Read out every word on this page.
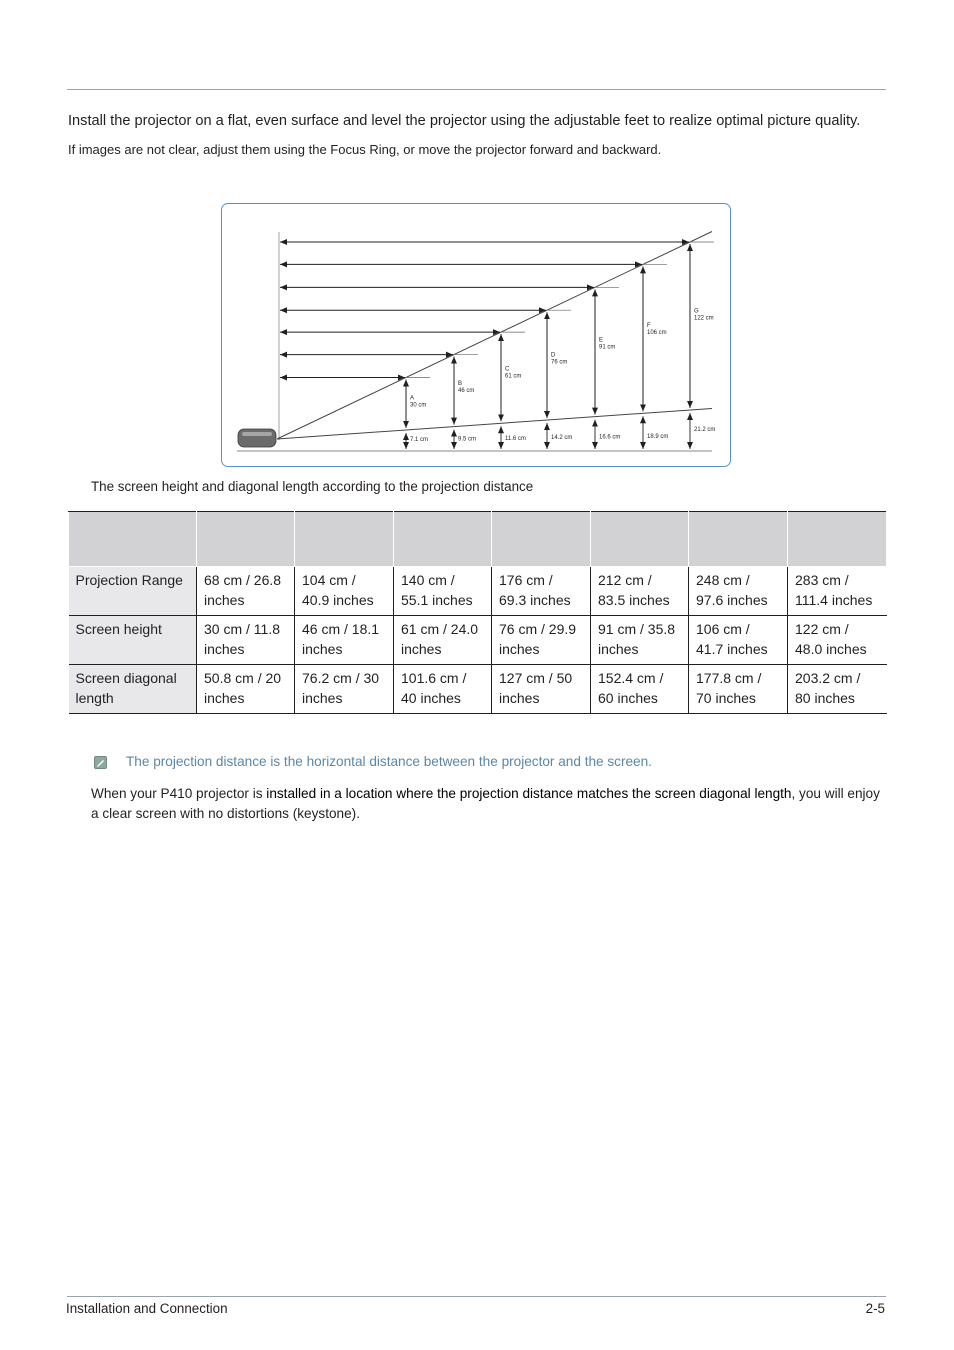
Install the projector on a flat, even surface and level the projector using the adjustable feet to realize optimal picture quality.
If images are not clear, adjust them using the Focus Ring, or move the projector forward and backward.
A
30 cm
7.1 cm
B
46 cm
9.5 cm
C
61 cm
11.6 cm
D
76 cm
14.2 cm
E
91 cm
16.6 cm
F
106 cm
18.9 cm
G
122 cm
21.2 cm
The screen height and diagonal length according to the projection distance

Projection Range	68 cm / 26.8 inches	104 cm / 40.9 inches	140 cm / 55.1 inches	176 cm / 69.3 inches	212 cm / 83.5 inches	248 cm / 97.6 inches	283 cm / 111.4 inches
Screen height	30 cm / 11.8 inches	46 cm / 18.1 inches	61 cm / 24.0 inches	76 cm / 29.9 inches	91 cm / 35.8 inches	106 cm / 41.7 inches	122 cm / 48.0 inches
Screen diagonal length	50.8 cm / 20 inches	76.2 cm / 30 inches	101.6 cm / 40 inches	127 cm / 50 inches	152.4 cm / 60 inches	177.8 cm / 70 inches	203.2 cm / 80 inches
The projection distance is the horizontal distance between the projector and the screen.
When your P410 projector is installed in a location where the projection distance matches the screen diagonal length, you will enjoy a clear screen with no distortions (keystone).
Installation and Connection	2-5
